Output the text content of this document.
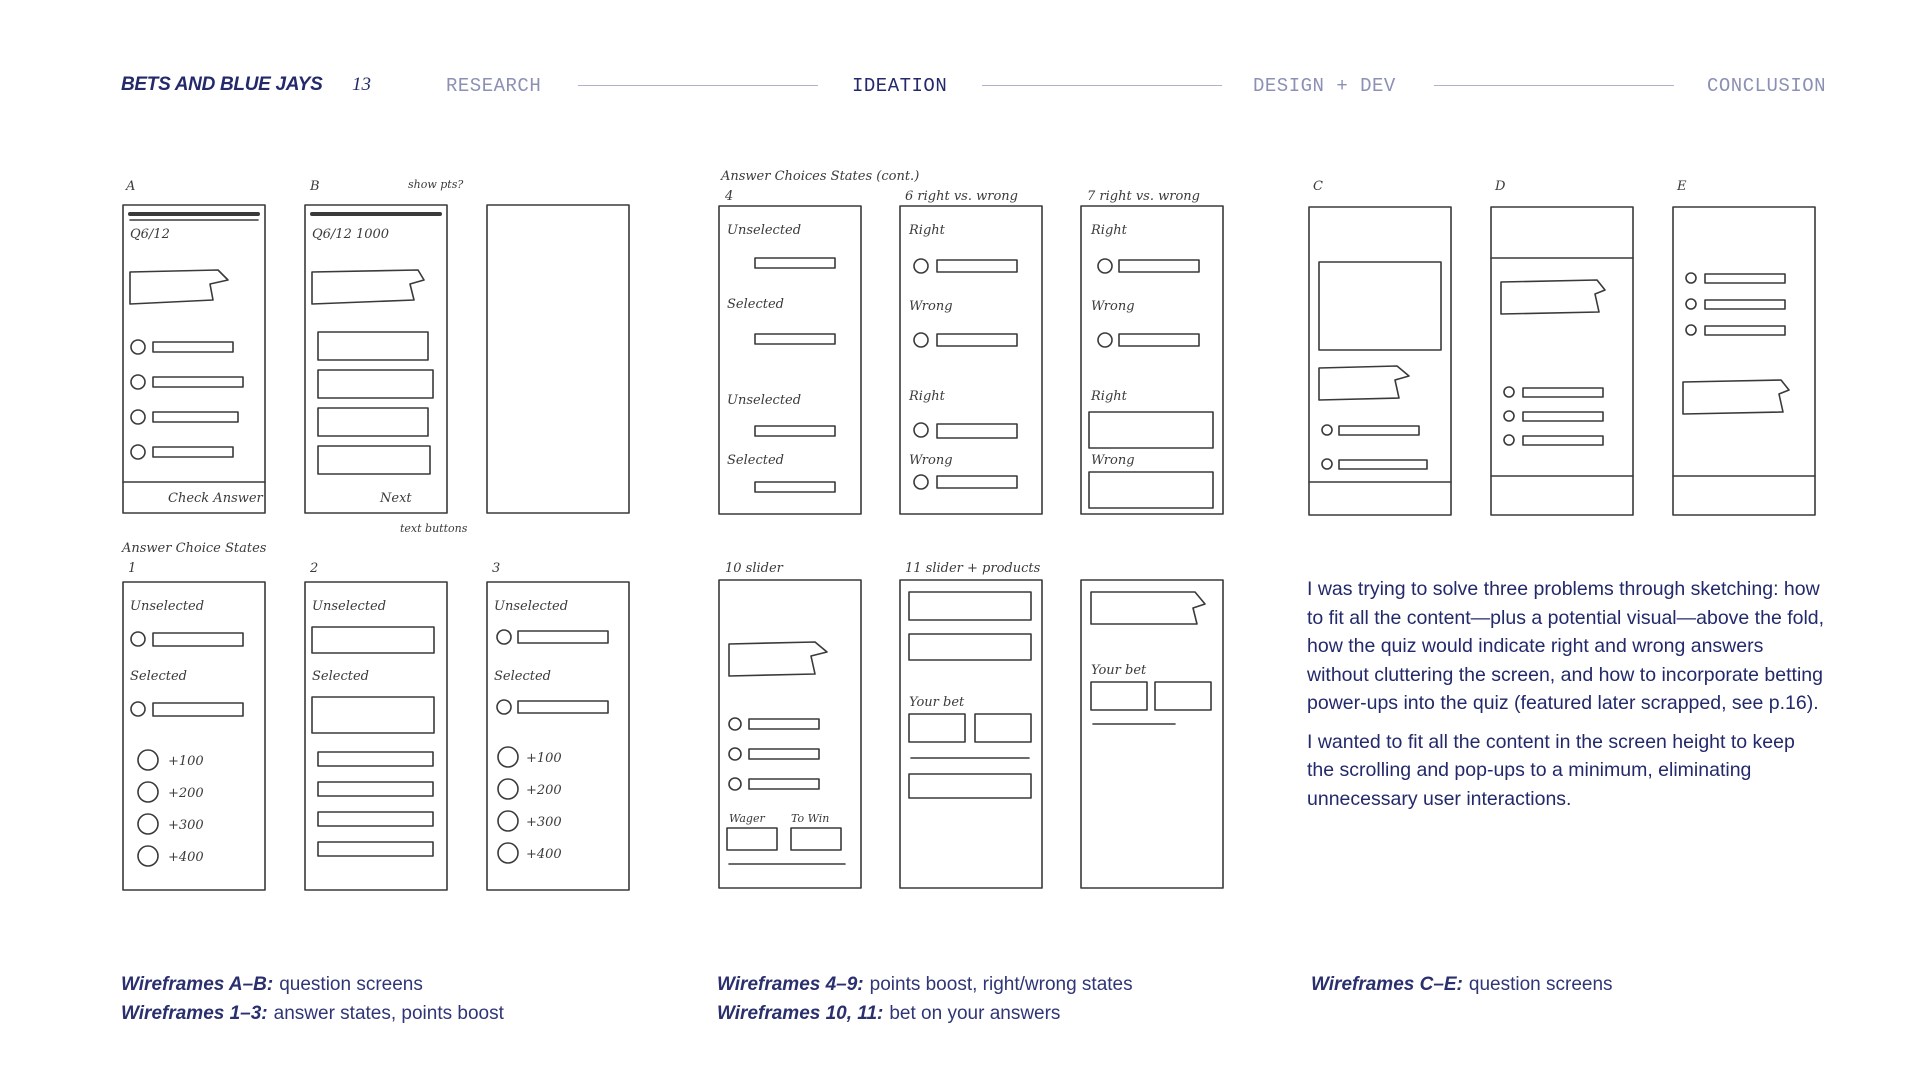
BETS AND BLUE JAYS 13	RESEARCH	IDEATION	DESIGN + DEV	CONCLUSION
A
Q6/12
Check Answer
B	show pts?
Q6/12 1000
Next
text buttons
Answer Choice States
1
Unselected
Selected
+100
+200
+300
+400
2
Unselected
Selected
3
Unselected
Selected
+100
+200
+300
+400
Answer Choices States (cont.)
4
Unselected
Selected
Unselected
Selected
6 right vs. wrong
Right
Wrong
Right
Wrong
7 right vs. wrong
Right
Wrong
Right
Wrong
10 slider
Wager To Win
11 slider + products
Your bet
Your bet
C	D	E

I was trying to solve three problems through sketching: how to fit all the content—plus a potential visual—above the fold, how the quiz would indicate right and wrong answers without cluttering the screen, and how to incorporate betting power-ups into the quiz (featured later scrapped, see p.16).

I wanted to fit all the content in the screen height to keep the scrolling and pop-ups to a minimum, eliminating unnecessary user interactions.

Wireframes A–B: question screens
Wireframes 1–3: answer states, points boost
Wireframes 4–9: points boost, right/wrong states
Wireframes 10, 11: bet on your answers
Wireframes C–E: question screens
